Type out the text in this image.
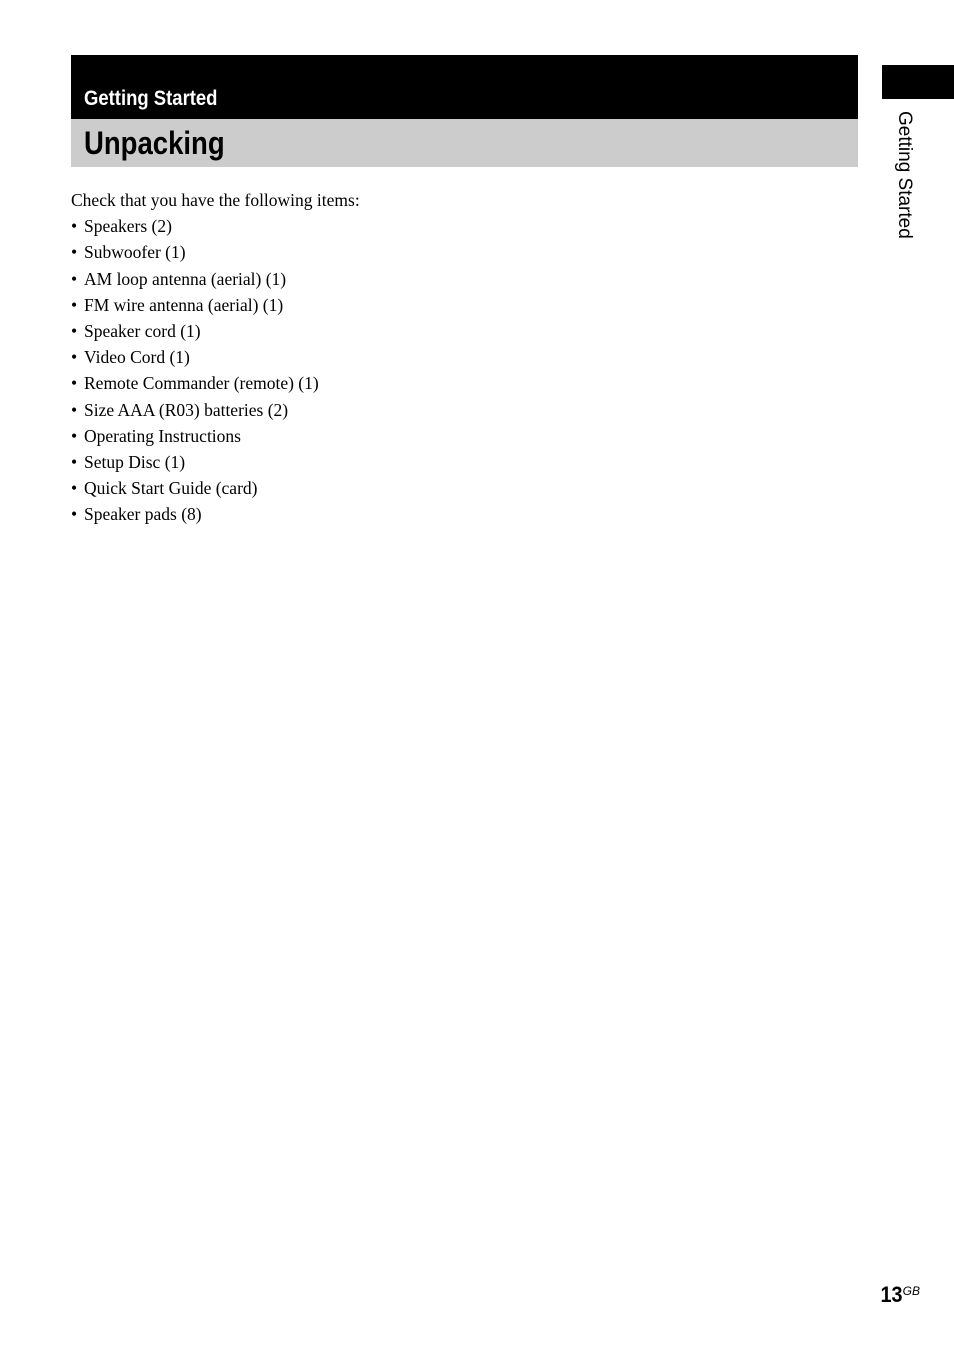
Getting Started
Unpacking

Check that you have the following items:

• Speakers (2)
• Subwoofer (1)
• AM loop antenna (aerial) (1)
• FM wire antenna (aerial) (1)
• Speaker cord (1)
• Video Cord (1)
• Remote Commander (remote) (1)
• Size AAA (R03) batteries (2)
• Operating Instructions
• Setup Disc (1)
• Quick Start Guide (card)
• Speaker pads (8)
Getting Started
$13^{GB}$
